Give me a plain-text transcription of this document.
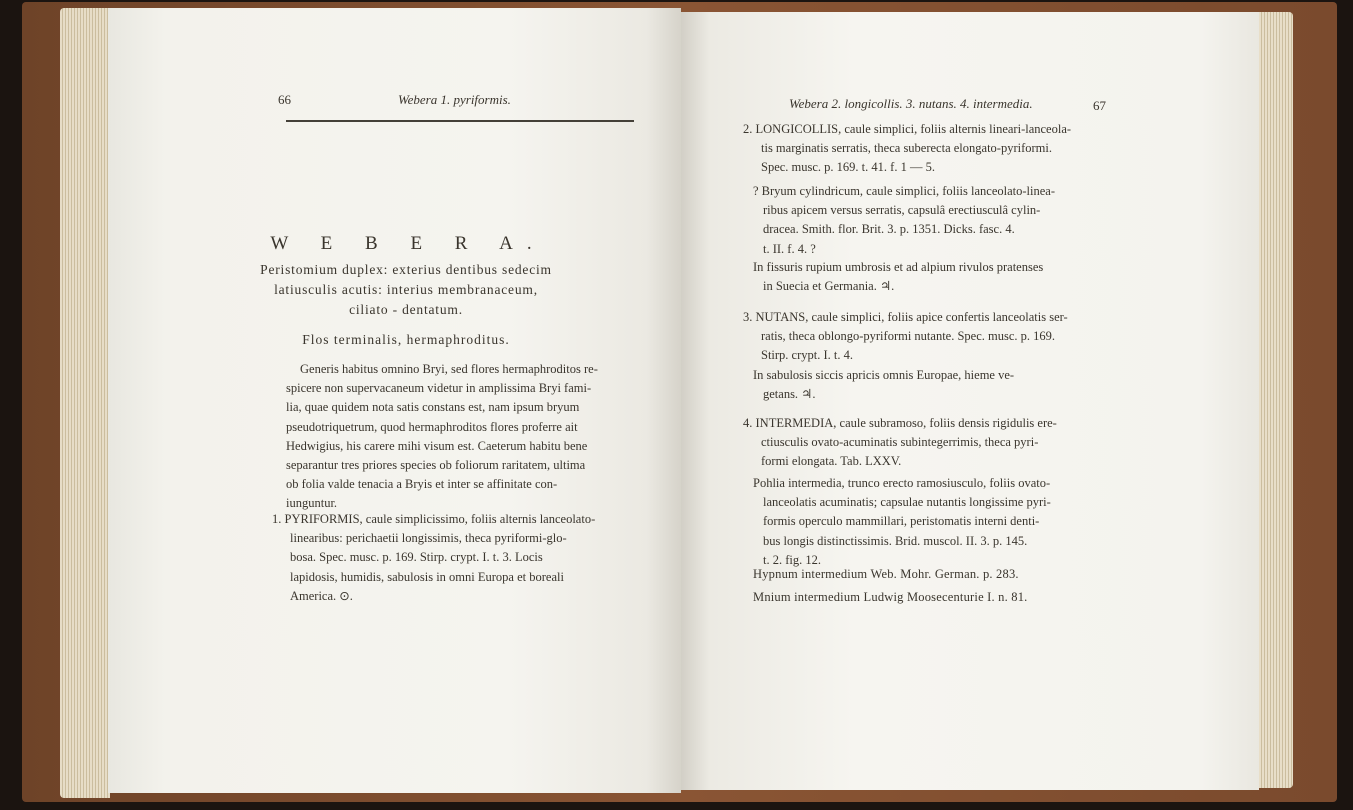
66	Webera 1. pyriformis.
W E B E R A.
Peristomium duplex: exterius dentibus sedecim
latiusculis acutis: interius membranaceum,
ciliato - dentatum.
Flos terminalis, hermaphroditus.
Generis habitus omnino Bryi, sed flores hermaphroditos re-
spicere non supervacaneum videtur in amplissima Bryi fami-
lia, quae quidem nota satis constans est, nam ipsum bryum
pseudotriquetrum, quod hermaphroditos flores proferre ait
Hedwigius, his carere mihi visum est. Caeterum habitu bene
separantur tres priores species ob foliorum raritatem, ultima
ob folia valde tenacia a Bryis et inter se affinitate con-
iunguntur.
1. PYRIFORMIS, caule simplicissimo, foliis alternis lanceolato-
linearibus: perichaetii longissimis, theca pyriformi-glo-
bosa. Spec. musc. p. 169. Stirp. crypt. I. t. 3. Locis
lapidosis, humidis, sabulosis in omni Europa et boreali
America. ⊙.
Webera 2. longicollis. 3. nutans. 4. intermedia.	67
2. LONGICOLLIS, caule simplici, foliis alternis lineari-lanceola-
tis marginatis serratis, theca suberecta elongato-pyriformi.
Spec. musc. p. 169. t. 41. f. 1 — 5.
? Bryum cylindricum, caule simplici, foliis lanceolato-linea-
ribus apicem versus serratis, capsulâ erectiusculâ cylin-
dracea. Smith. flor. Brit. 3. p. 1351. Dicks. fasc. 4.
t. II. f. 4. ?
In fissuris rupium umbrosis et ad alpium rivulos pratenses
in Suecia et Germania. ♃.
3. NUTANS, caule simplici, foliis apice confertis lanceolatis ser-
ratis, theca oblongo-pyriformi nutante. Spec. musc. p. 169.
Stirp. crypt. I. t. 4.
In sabulosis siccis apricis omnis Europae, hieme ve-
getans. ♃.
4. INTERMEDIA, caule subramoso, foliis densis rigidulis ere-
ctiusculis ovato-acuminatis subintegerrimis, theca pyri-
formi elongata. Tab. LXXV.
Pohlia intermedia, trunco erecto ramosiusculo, foliis ovato-
lanceolatis acuminatis; capsulae nutantis longissime pyri-
formis operculo mammillari, peristomatis interni denti-
bus longis distinctissimis. Brid. muscol. II. 3. p. 145.
t. 2. fig. 12.
Hypnum intermedium Web. Mohr. German. p. 283.
Mnium intermedium Ludwig Moosecenturie I. n. 81.
